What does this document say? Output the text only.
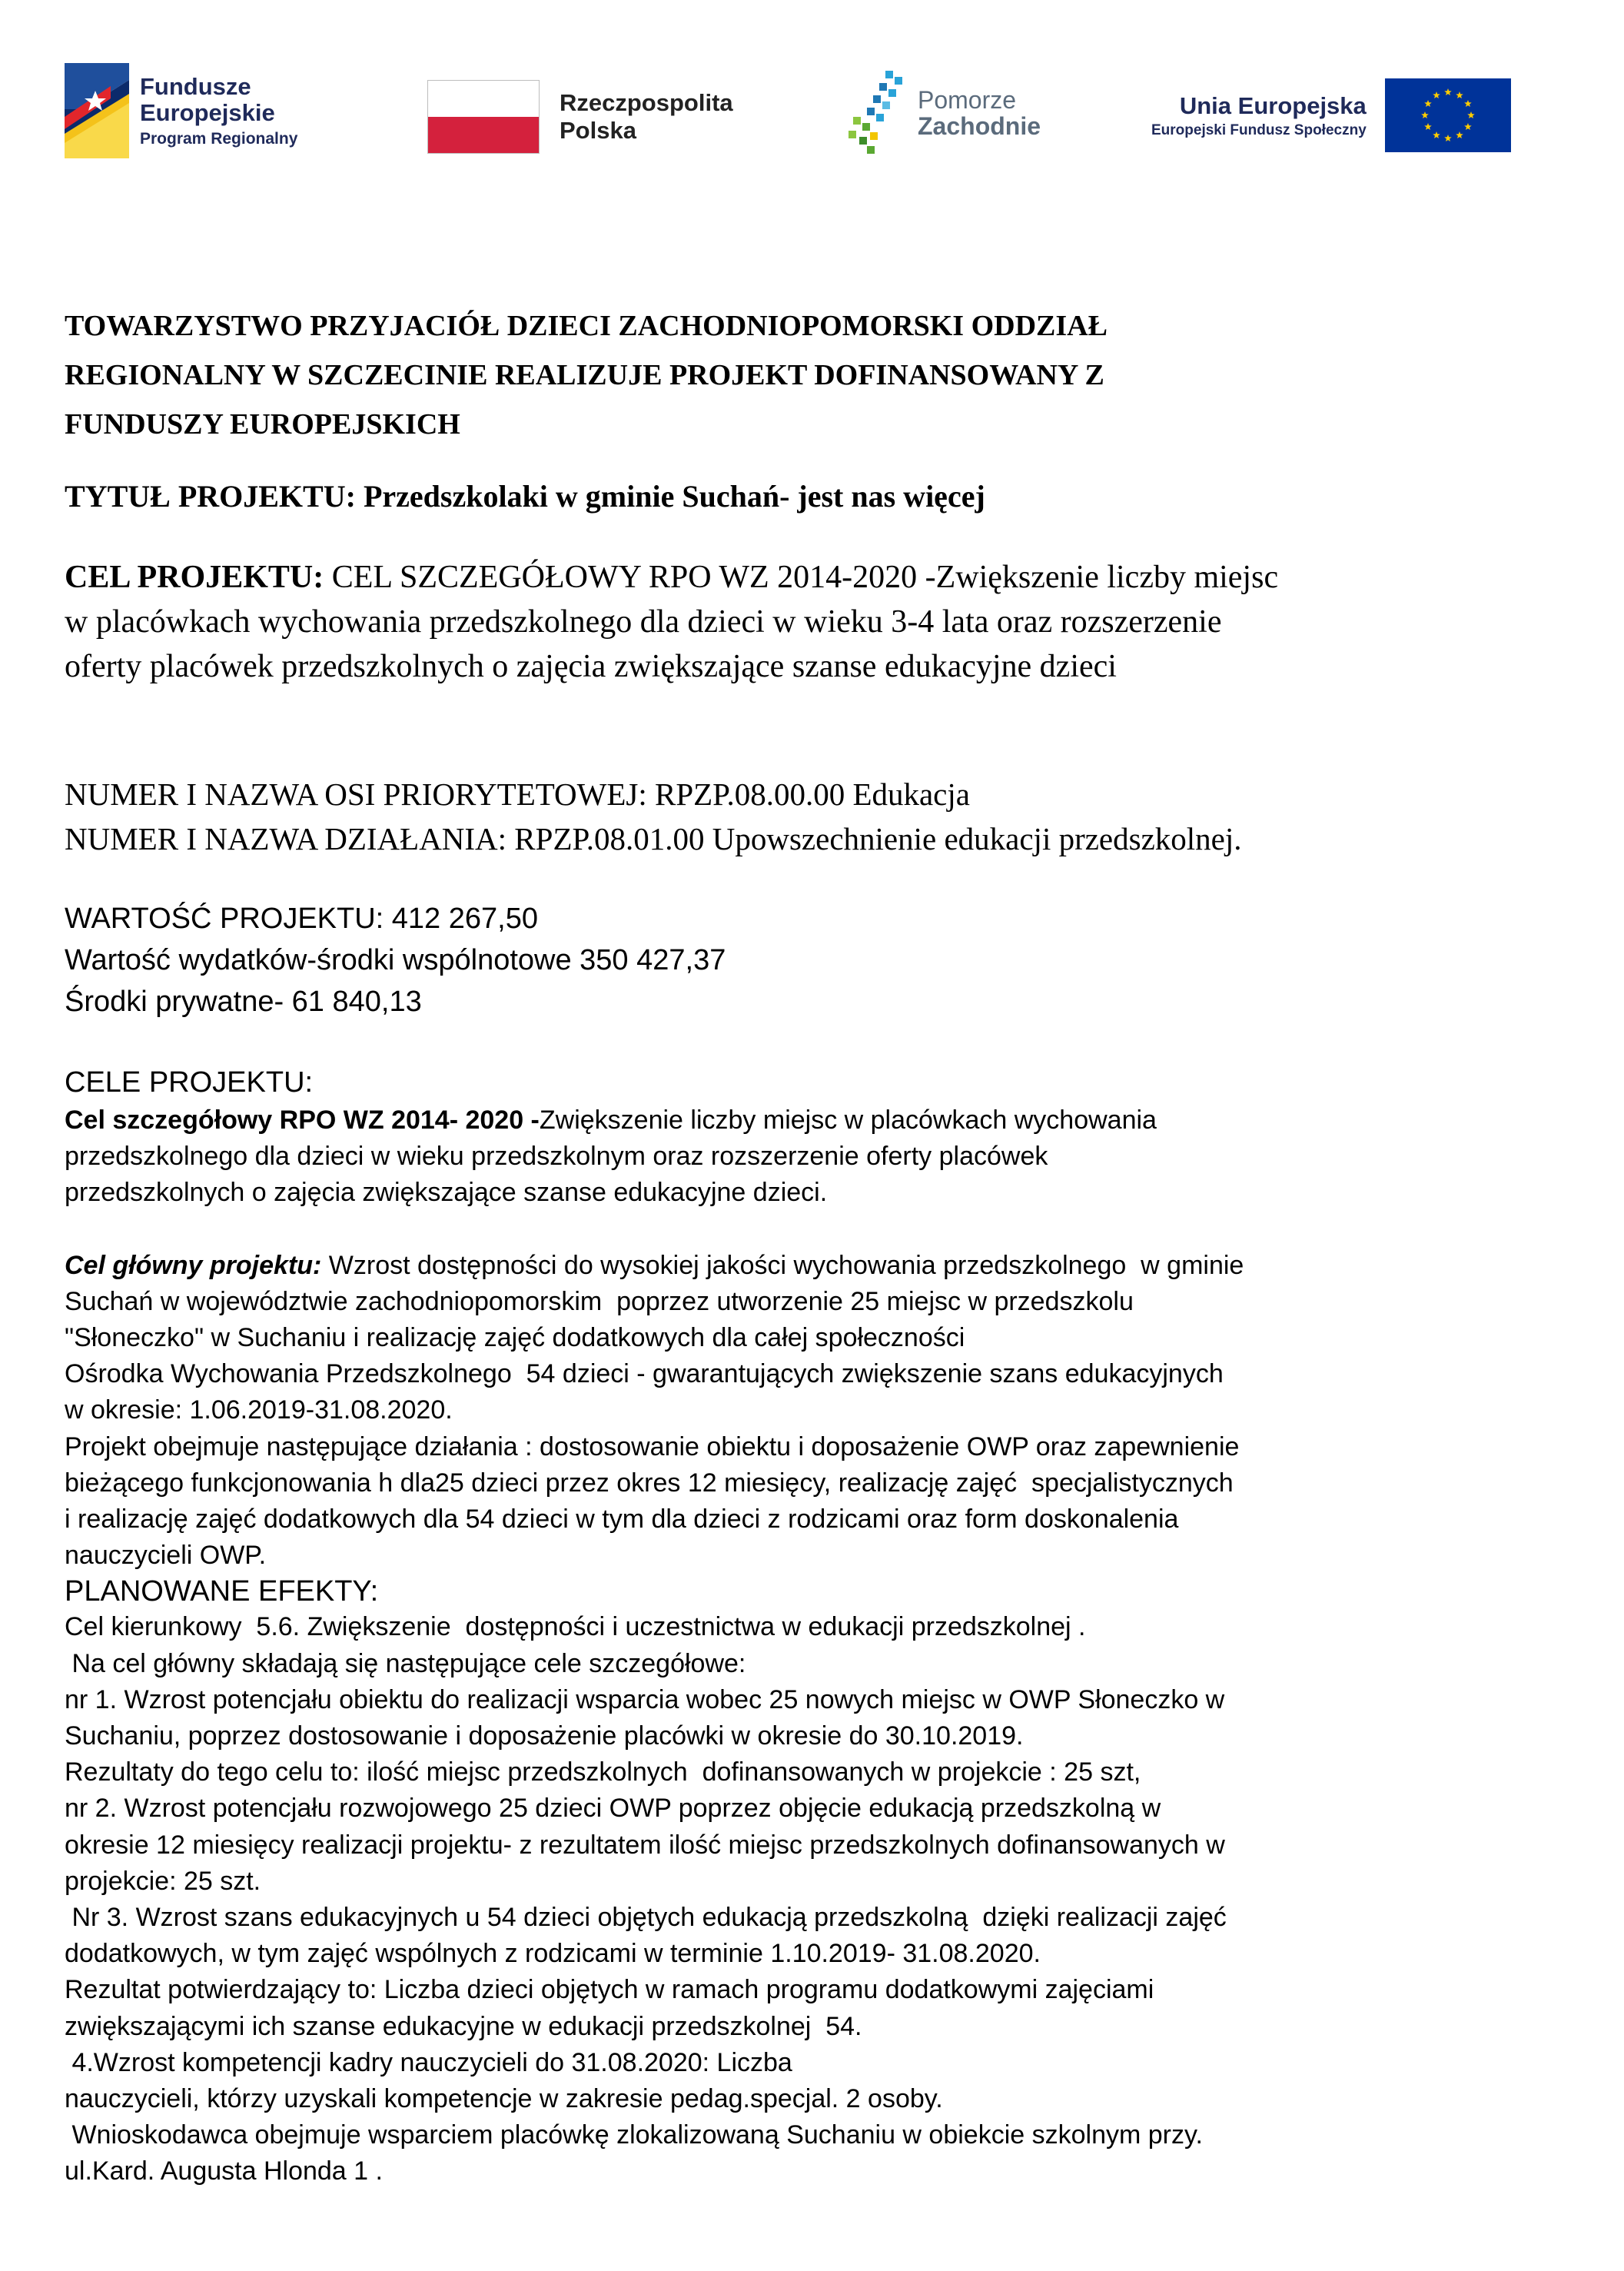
Fundusze
Europejskie
Program Regionalny
Rzeczpospolita
Polska
Pomorze
Zachodnie
Unia Europejska
Europejski Fundusz Społeczny
TOWARZYSTWO PRZYJACIÓŁ DZIECI ZACHODNIOPOMORSKI ODDZIAŁ
REGIONALNY W SZCZECINIE REALIZUJE PROJEKT DOFINANSOWANY Z
FUNDUSZY EUROPEJSKICH
TYTUŁ PROJEKTU: Przedszkolaki w gminie Suchań- jest nas więcej
CEL PROJEKTU: CEL SZCZEGÓŁOWY RPO WZ 2014-2020 -Zwiększenie liczby miejsc
w placówkach wychowania przedszkolnego dla dzieci w wieku 3-4 lata oraz rozszerzenie
oferty placówek przedszkolnych o zajęcia zwiększające szanse edukacyjne dzieci
NUMER I NAZWA OSI PRIORYTETOWEJ: RPZP.08.00.00 Edukacja
NUMER I NAZWA DZIAŁANIA: RPZP.08.01.00 Upowszechnienie edukacji przedszkolnej.
WARTOŚĆ PROJEKTU: 412 267,50
Wartość wydatków-środki wspólnotowe 350 427,37
Środki prywatne- 61 840,13
CELE PROJEKTU:
Cel szczegółowy RPO WZ 2014- 2020 -Zwiększenie liczby miejsc w placówkach wychowania
przedszkolnego dla dzieci w wieku przedszkolnym oraz rozszerzenie oferty placówek
przedszkolnych o zajęcia zwiększające szanse edukacyjne dzieci.
Cel główny projektu: Wzrost dostępności do wysokiej jakości wychowania przedszkolnego  w gminie
Suchań w województwie zachodniopomorskim  poprzez utworzenie 25 miejsc w przedszkolu
"Słoneczko" w Suchaniu i realizację zajęć dodatkowych dla całej społeczności
Ośrodka Wychowania Przedszkolnego  54 dzieci - gwarantujących zwiększenie szans edukacyjnych
w okresie: 1.06.2019-31.08.2020.
Projekt obejmuje następujące działania : dostosowanie obiektu i doposażenie OWP oraz zapewnienie
bieżącego funkcjonowania h dla25 dzieci przez okres 12 miesięcy, realizację zajęć  specjalistycznych
i realizację zajęć dodatkowych dla 54 dzieci w tym dla dzieci z rodzicami oraz form doskonalenia
nauczycieli OWP.
PLANOWANE EFEKTY:
Cel kierunkowy  5.6. Zwiększenie  dostępności i uczestnictwa w edukacji przedszkolnej .
Na cel główny składają się następujące cele szczegółowe:
nr 1. Wzrost potencjału obiektu do realizacji wsparcia wobec 25 nowych miejsc w OWP Słoneczko w
Suchaniu, poprzez dostosowanie i doposażenie placówki w okresie do 30.10.2019.
Rezultaty do tego celu to: ilość miejsc przedszkolnych  dofinansowanych w projekcie : 25 szt,
nr 2. Wzrost potencjału rozwojowego 25 dzieci OWP poprzez objęcie edukacją przedszkolną w
okresie 12 miesięcy realizacji projektu- z rezultatem ilość miejsc przedszkolnych dofinansowanych w
projekcie: 25 szt.
Nr 3. Wzrost szans edukacyjnych u 54 dzieci objętych edukacją przedszkolną  dzięki realizacji zajęć
dodatkowych, w tym zajęć wspólnych z rodzicami w terminie 1.10.2019- 31.08.2020.
Rezultat potwierdzający to: Liczba dzieci objętych w ramach programu dodatkowymi zajęciami
zwiększającymi ich szanse edukacyjne w edukacji przedszkolnej  54.
4.Wzrost kompetencji kadry nauczycieli do 31.08.2020: Liczba
nauczycieli, którzy uzyskali kompetencje w zakresie pedag.specjal. 2 osoby.
Wnioskodawca obejmuje wsparciem placówkę zlokalizowaną Suchaniu w obiekcie szkolnym przy.
ul.Kard. Augusta Hlonda 1 .
